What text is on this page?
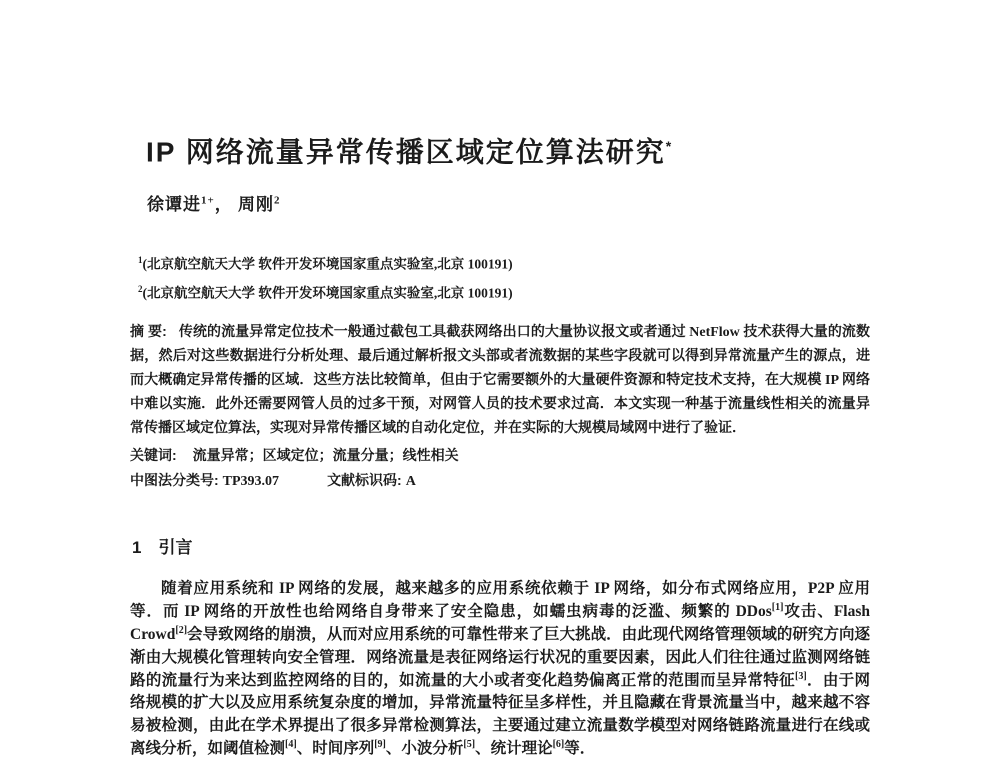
IP 网络流量异常传播区域定位算法研究*
徐谭进$^{1+}$， 周刚$^2$
$^1$(北京航空航天大学 软件开发环境国家重点实验室,北京 100191)
$^2$(北京航空航天大学 软件开发环境国家重点实验室,北京 100191)

摘 要: 传统的流量异常定位技术一般通过截包工具截获网络出口的大量协议报文或者通过 NetFlow 技术获得大量的流数据，然后对这些数据进行分析处理、最后通过解析报文头部或者流数据的某些字段就可以得到异常流量产生的源点，进而大概确定异常传播的区域．这些方法比较简单，但由于它需要额外的大量硬件资源和特定技术支持，在大规模 IP 网络中难以实施．此外还需要网管人员的过多干预，对网管人员的技术要求过高．本文实现一种基于流量线性相关的流量异常传播区域定位算法，实现对异常传播区域的自动化定位，并在实际的大规模局域网中进行了验证．

关键词: 流量异常；区域定位；流量分量；线性相关

中图法分类号: TP393.07	文献标识码: A

1 引言

随着应用系统和 IP 网络的发展，越来越多的应用系统依赖于 IP 网络，如分布式网络应用，P2P 应用等．而 IP 网络的开放性也给网络自身带来了安全隐患，如蠕虫病毒的泛滥、频繁的 DDos[1]攻击、Flash Crowd[2]会导致网络的崩溃，从而对应用系统的可靠性带来了巨大挑战．由此现代网络管理领域的研究方向逐渐由大规模化管理转向安全管理．网络流量是表征网络运行状况的重要因素，因此人们往往通过监测网络链路的流量行为来达到监控网络的目的，如流量的大小或者变化趋势偏离正常的范围而呈异常特征[3]．由于网络规模的扩大以及应用系统复杂度的增加，异常流量特征呈多样性，并且隐藏在背景流量当中，越来越不容易被检测，由此在学术界提出了很多异常检测算法，主要通过建立流量数学模型对网络链路流量进行在线或离线分析，如阈值检测[4]、时间序列[9]、小波分析[5]、统计理论[6]等．
